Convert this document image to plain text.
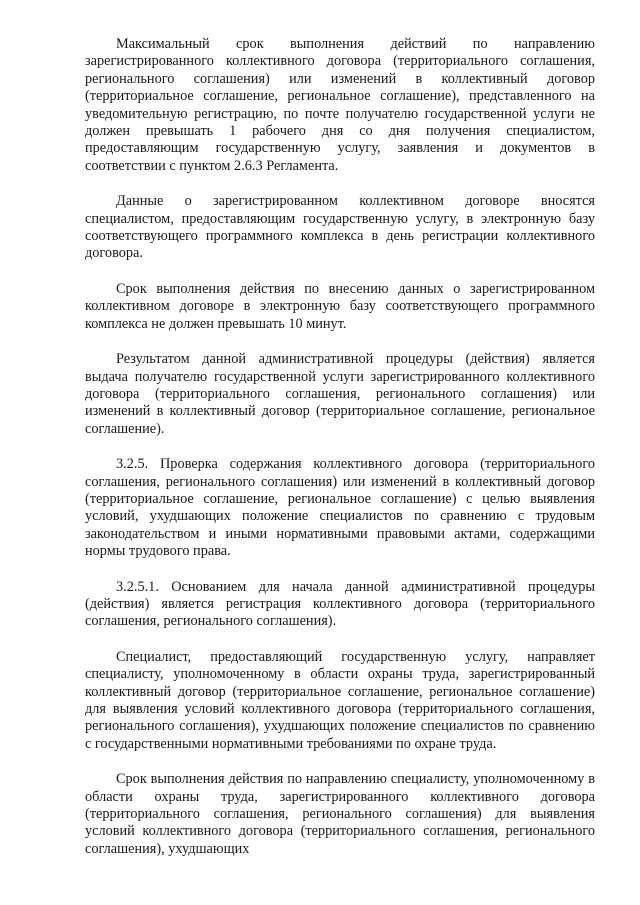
Максимальный срок выполнения действий по направлению зарегистрированного коллективного договора (территориального соглашения, регионального соглашения) или изменений в коллективный договор (территориальное соглашение, региональное соглашение), представленного на уведомительную регистрацию, по почте получателю государственной услуги не должен превышать 1 рабочего дня со дня получения специалистом, предоставляющим государственную услугу, заявления и документов в соответствии с пунктом 2.6.3 Регламента.

Данные о зарегистрированном коллективном договоре вносятся специалистом, предоставляющим государственную услугу, в электронную базу соответствующего программного комплекса в день регистрации коллективного договора.

Срок выполнения действия по внесению данных о зарегистрированном коллективном договоре в электронную базу соответствующего программного комплекса не должен превышать 10 минут.

Результатом данной административной процедуры (действия) является выдача получателю государственной услуги зарегистрированного коллективного договора (территориального соглашения, регионального соглашения) или изменений в коллективный договор (территориальное соглашение, региональное соглашение).

3.2.5. Проверка содержания коллективного договора (территориального соглашения, регионального соглашения) или изменений в коллективный договор (территориальное соглашение, региональное соглашение) с целью выявления условий, ухудшающих положение специалистов по сравнению с трудовым законодательством и иными нормативными правовыми актами, содержащими нормы трудового права.

3.2.5.1. Основанием для начала данной административной процедуры (действия) является регистрация коллективного договора (территориального соглашения, регионального соглашения).

Специалист, предоставляющий государственную услугу, направляет специалисту, уполномоченному в области охраны труда, зарегистрированный коллективный договор (территориальное соглашение, региональное соглашение) для выявления условий коллективного договора (территориального соглашения, регионального соглашения), ухудшающих положение специалистов по сравнению с государственными нормативными требованиями по охране труда.

Срок выполнения действия по направлению специалисту, уполномоченному в области охраны труда, зарегистрированного коллективного договора (территориального соглашения, регионального соглашения) для выявления условий коллективного договора (территориального соглашения, регионального соглашения), ухудшающих
